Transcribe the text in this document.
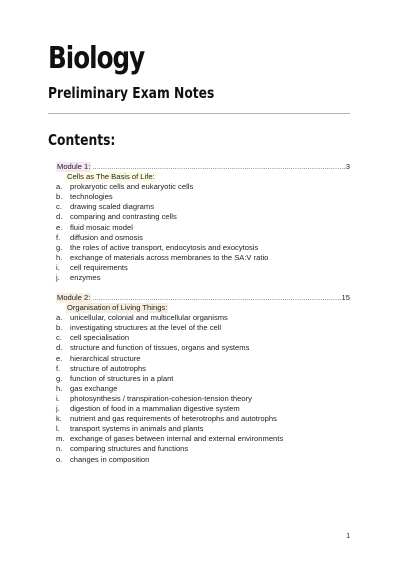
Biology
Preliminary Exam Notes
Contents:
Module 1: .....	3
Cells as The Basis of Life:
a.	prokaryotic cells and eukaryotic cells
b.	technologies
c.	drawing scaled diagrams
d.	comparing and contrasting cells
e.	fluid mosaic model
f.	diffusion and osmosis
g.	the roles of active transport, endocytosis and exocytosis
h.	exchange of materials across membranes to the SA:V ratio
i.	cell requirements
j.	enzymes
Module 2: .....	15
Organisation of Living Things:
a.	unicellular, colonial and multicellular organisms
b.	investigating structures at the level of the cell
c.	cell specialisation
d.	structure and function of tissues, organs and systems
e.	hierarchical structure
f.	structure of autotrophs
g.	function of structures in a plant
h.	gas exchange
i.	photosynthesis / transpiration-cohesion-tension theory
j.	digestion of food in a mammalian digestive system
k.	nutrient and gas requirements of heterotrophs and autotrophs
l.	transport systems in animals and plants
m. exchange of gases between internal and external environments
n.	comparing structures and functions
o.	changes in composition
1
